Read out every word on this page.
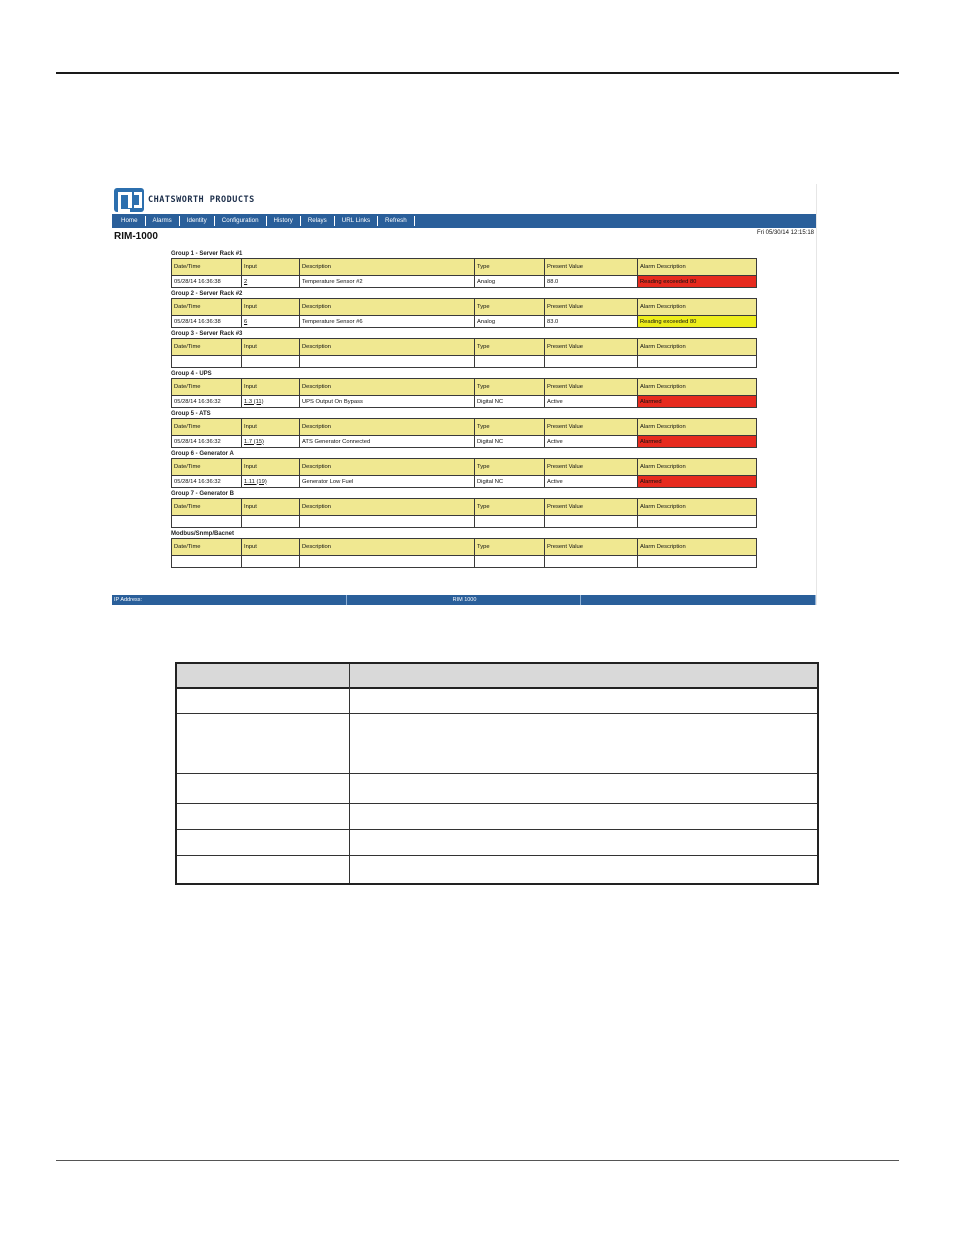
CHATSWORTH PRODUCTS
Home	Alarms	Identity	Configuration	History	Relays	URL Links	Refresh
RIM-1000	Fri 05/30/14 12:15:18
Group 1 - Server Rack #1
Date/Time	Input	Description	Type	Present Value	Alarm Description
05/28/14 16:36:38	2	Temperature Sensor #2	Analog	88.0	Reading exceeded 80
Group 2 - Server Rack #2
Date/Time	Input	Description	Type	Present Value	Alarm Description
05/28/14 16:36:38	6	Temperature Sensor #6	Analog	83.0	Reading exceeded 80
Group 3 - Server Rack #3
Date/Time	Input	Description	Type	Present Value	Alarm Description

Group 4 - UPS
Date/Time	Input	Description	Type	Present Value	Alarm Description
05/28/14 16:36:32	1.3 (11)	UPS Output On Bypass	Digital NC	Active	Alarmed
Group 5 - ATS
Date/Time	Input	Description	Type	Present Value	Alarm Description
05/28/14 16:36:32	1.7 (15)	ATS Generator Connected	Digital NC	Active	Alarmed
Group 6 - Generator A
Date/Time	Input	Description	Type	Present Value	Alarm Description
05/28/14 16:36:32	1.11 (19)	Generator Low Fuel	Digital NC	Active	Alarmed
Group 7 - Generator B
Date/Time	Input	Description	Type	Present Value	Alarm Description

Modbus/Snmp/Bacnet
Date/Time	Input	Description	Type	Present Value	Alarm Description

IP Address:	RIM 1000
